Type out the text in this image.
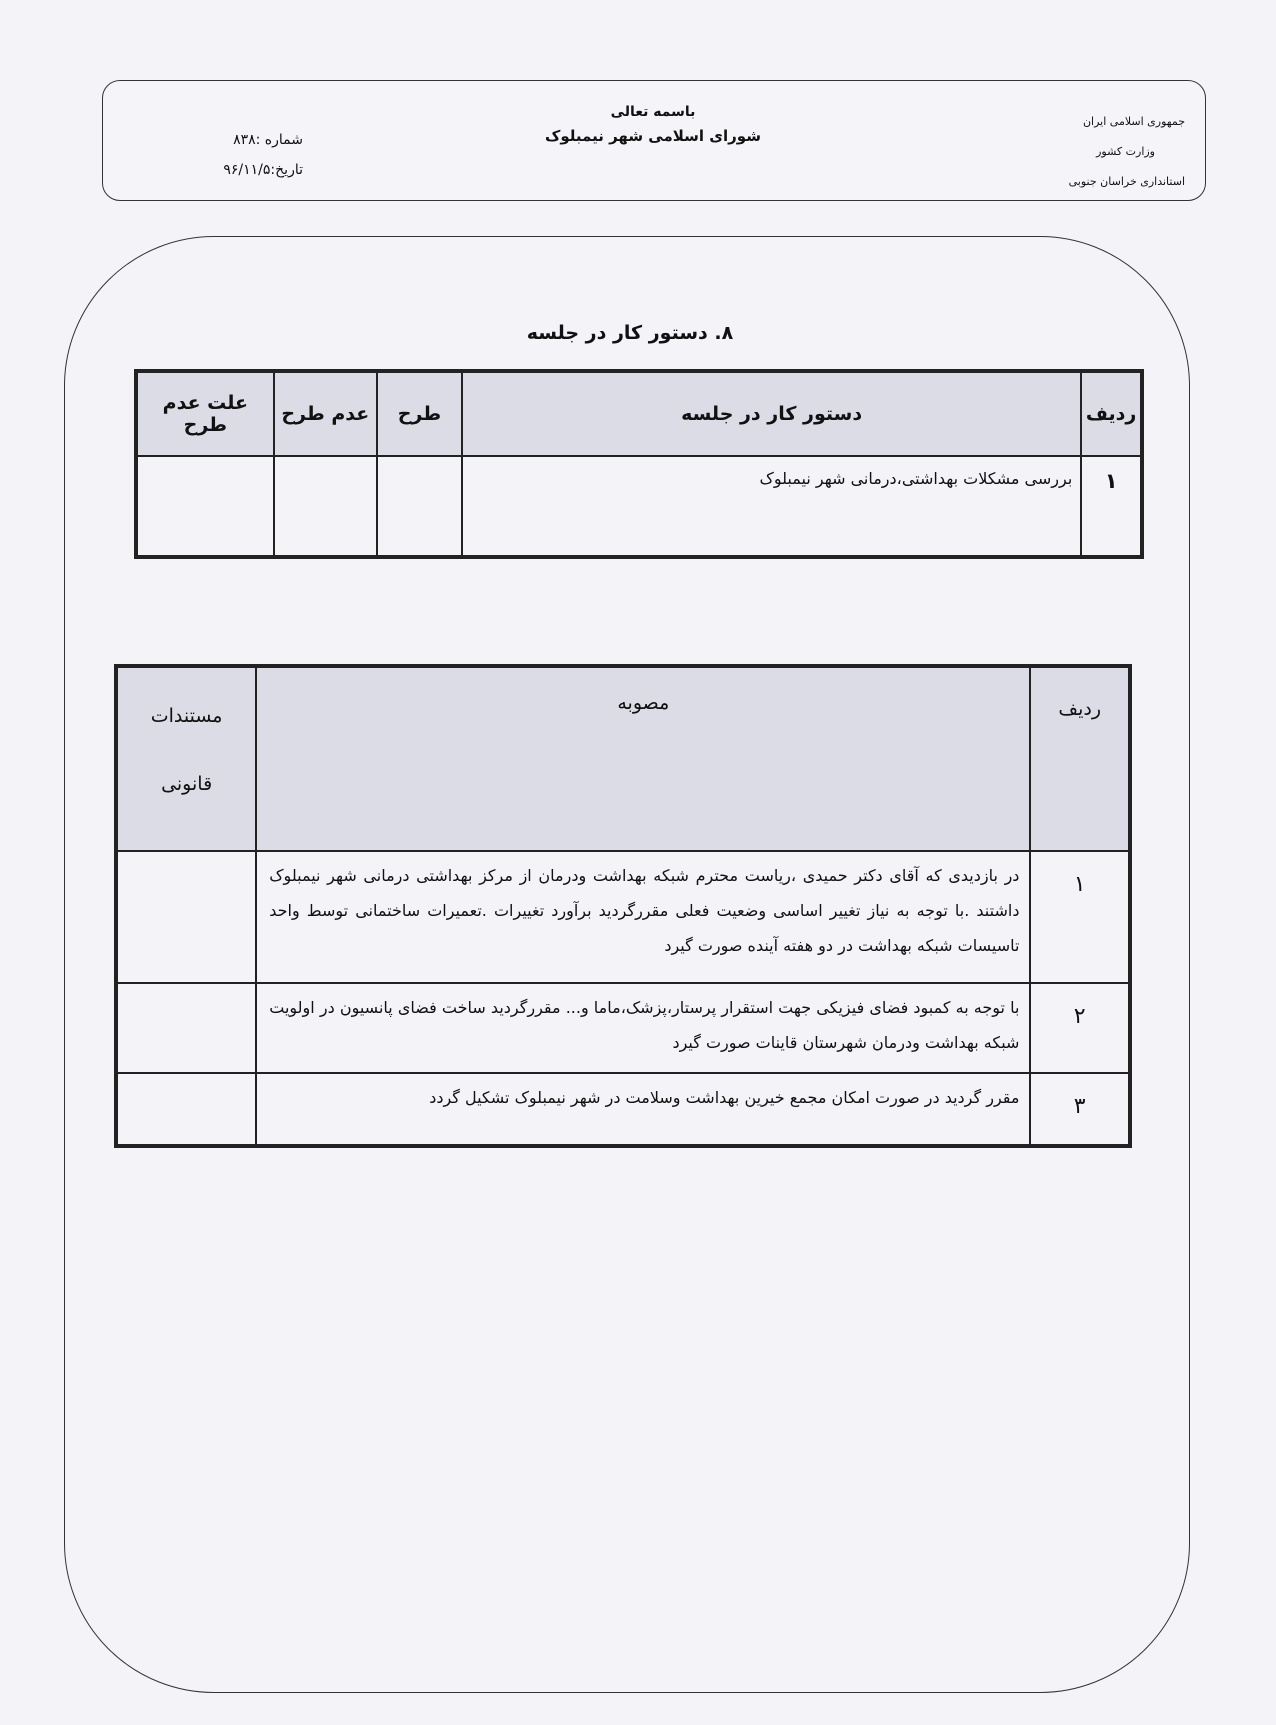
شماره :۸۳۸
تاریخ:۹۶/۱۱/۵
باسمه تعالی
شورای اسلامی شهر نیمبلوک
جمهوری اسلامی ایران
وزارت کشور
استانداری خراسان جنوبی
۸. دستور کار در جلسه
ردیف	دستور کار در جلسه	طرح	عدم طرح	علت عدم طرح
۱	بررسی مشکلات بهداشتی،درمانی شهر نیمبلوک			
ردیف	مصوبه	مستندات
قانونی

۱	در بازدیدی که آقای دکتر حمیدی ،ریاست محترم شبکه بهداشت ودرمان از مرکز بهداشتی درمانی شهر نیمبلوک داشتند .با توجه به نیاز تغییر اساسی وضعیت فعلی مقررگردید برآورد تغییرات .تعمیرات ساختمانی توسط واحد تاسیسات شبکه بهداشت در دو هفته آینده صورت گیرد	
۲	با توجه به کمبود فضای فیزیکی جهت استقرار پرستار،پزشک،ماما و... مقررگردید ساخت فضای پانسیون در اولویت شبکه بهداشت ودرمان شهرستان قاینات صورت گیرد	
۳	مقرر گردید در صورت امکان مجمع خیرین بهداشت وسلامت در شهر نیمبلوک تشکیل گردد	
